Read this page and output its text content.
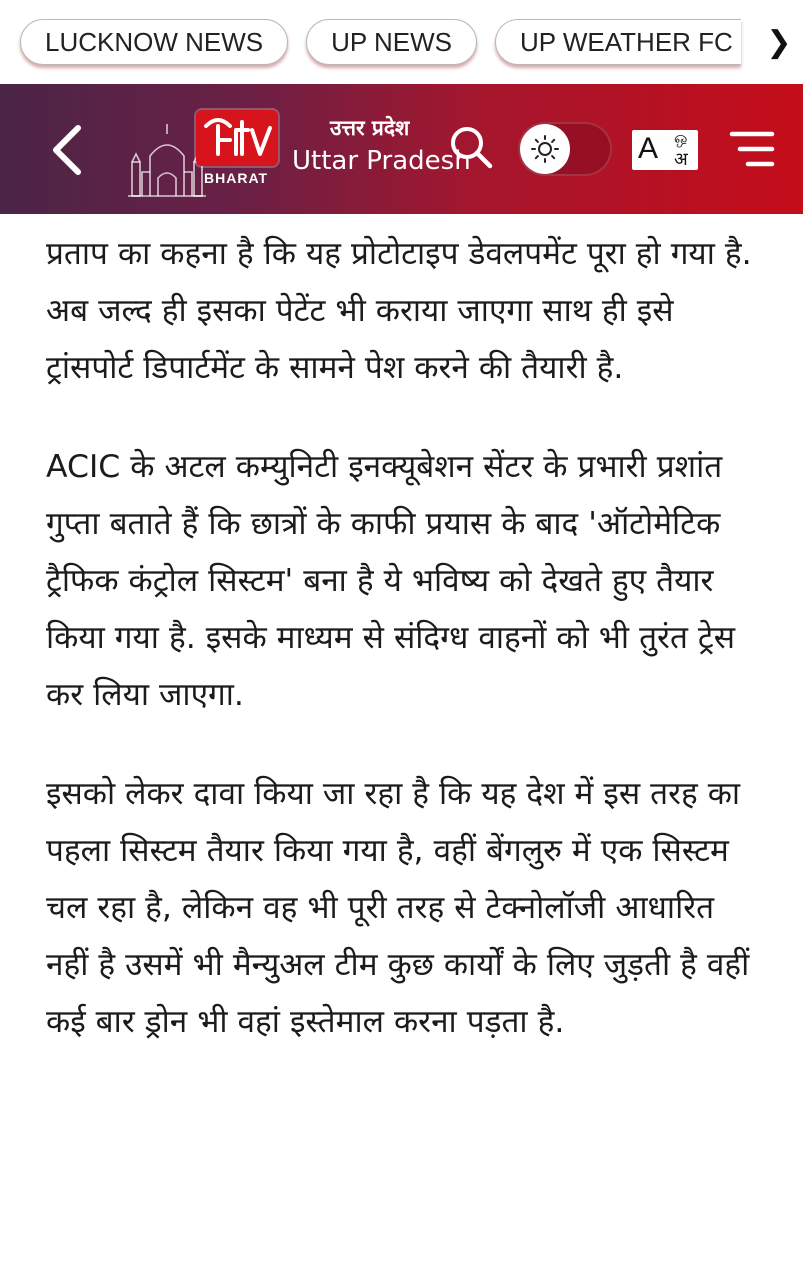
LUCKNOW NEWS	UP NEWS	UP WEATHER FC	❯
BHARAT
उत्तर प्रदेश
Uttar Pradesh	A ஒ
अ

प्रताप का कहना है कि यह प्रोटोटाइप डेवलपमेंट पूरा हो गया है. अब जल्द ही इसका पेटेंट भी कराया जाएगा साथ ही इसे ट्रांसपोर्ट डिपार्टमेंट के सामने पेश करने की तैयारी है.

ACIC के अटल कम्युनिटी इनक्यूबेशन सेंटर के प्रभारी प्रशांत गुप्ता बताते हैं कि छात्रों के काफी प्रयास के बाद 'ऑटोमेटिक ट्रैफिक कंट्रोल सिस्टम' बना है ये भविष्य को देखते हुए तैयार किया गया है. इसके माध्यम से संदिग्ध वाहनों को भी तुरंत ट्रेस कर लिया जाएगा.

इसको लेकर दावा किया जा रहा है कि यह देश में इस तरह का पहला सिस्टम तैयार किया गया है, वहीं बेंगलुरु में एक सिस्टम चल रहा है, लेकिन वह भी पूरी तरह से टेक्नोलॉजी आधारित नहीं है उसमें भी मैन्युअल टीम कुछ कार्यों के लिए जुड़ती है वहीं कई बार ड्रोन भी वहां इस्तेमाल करना पड़ता है.
